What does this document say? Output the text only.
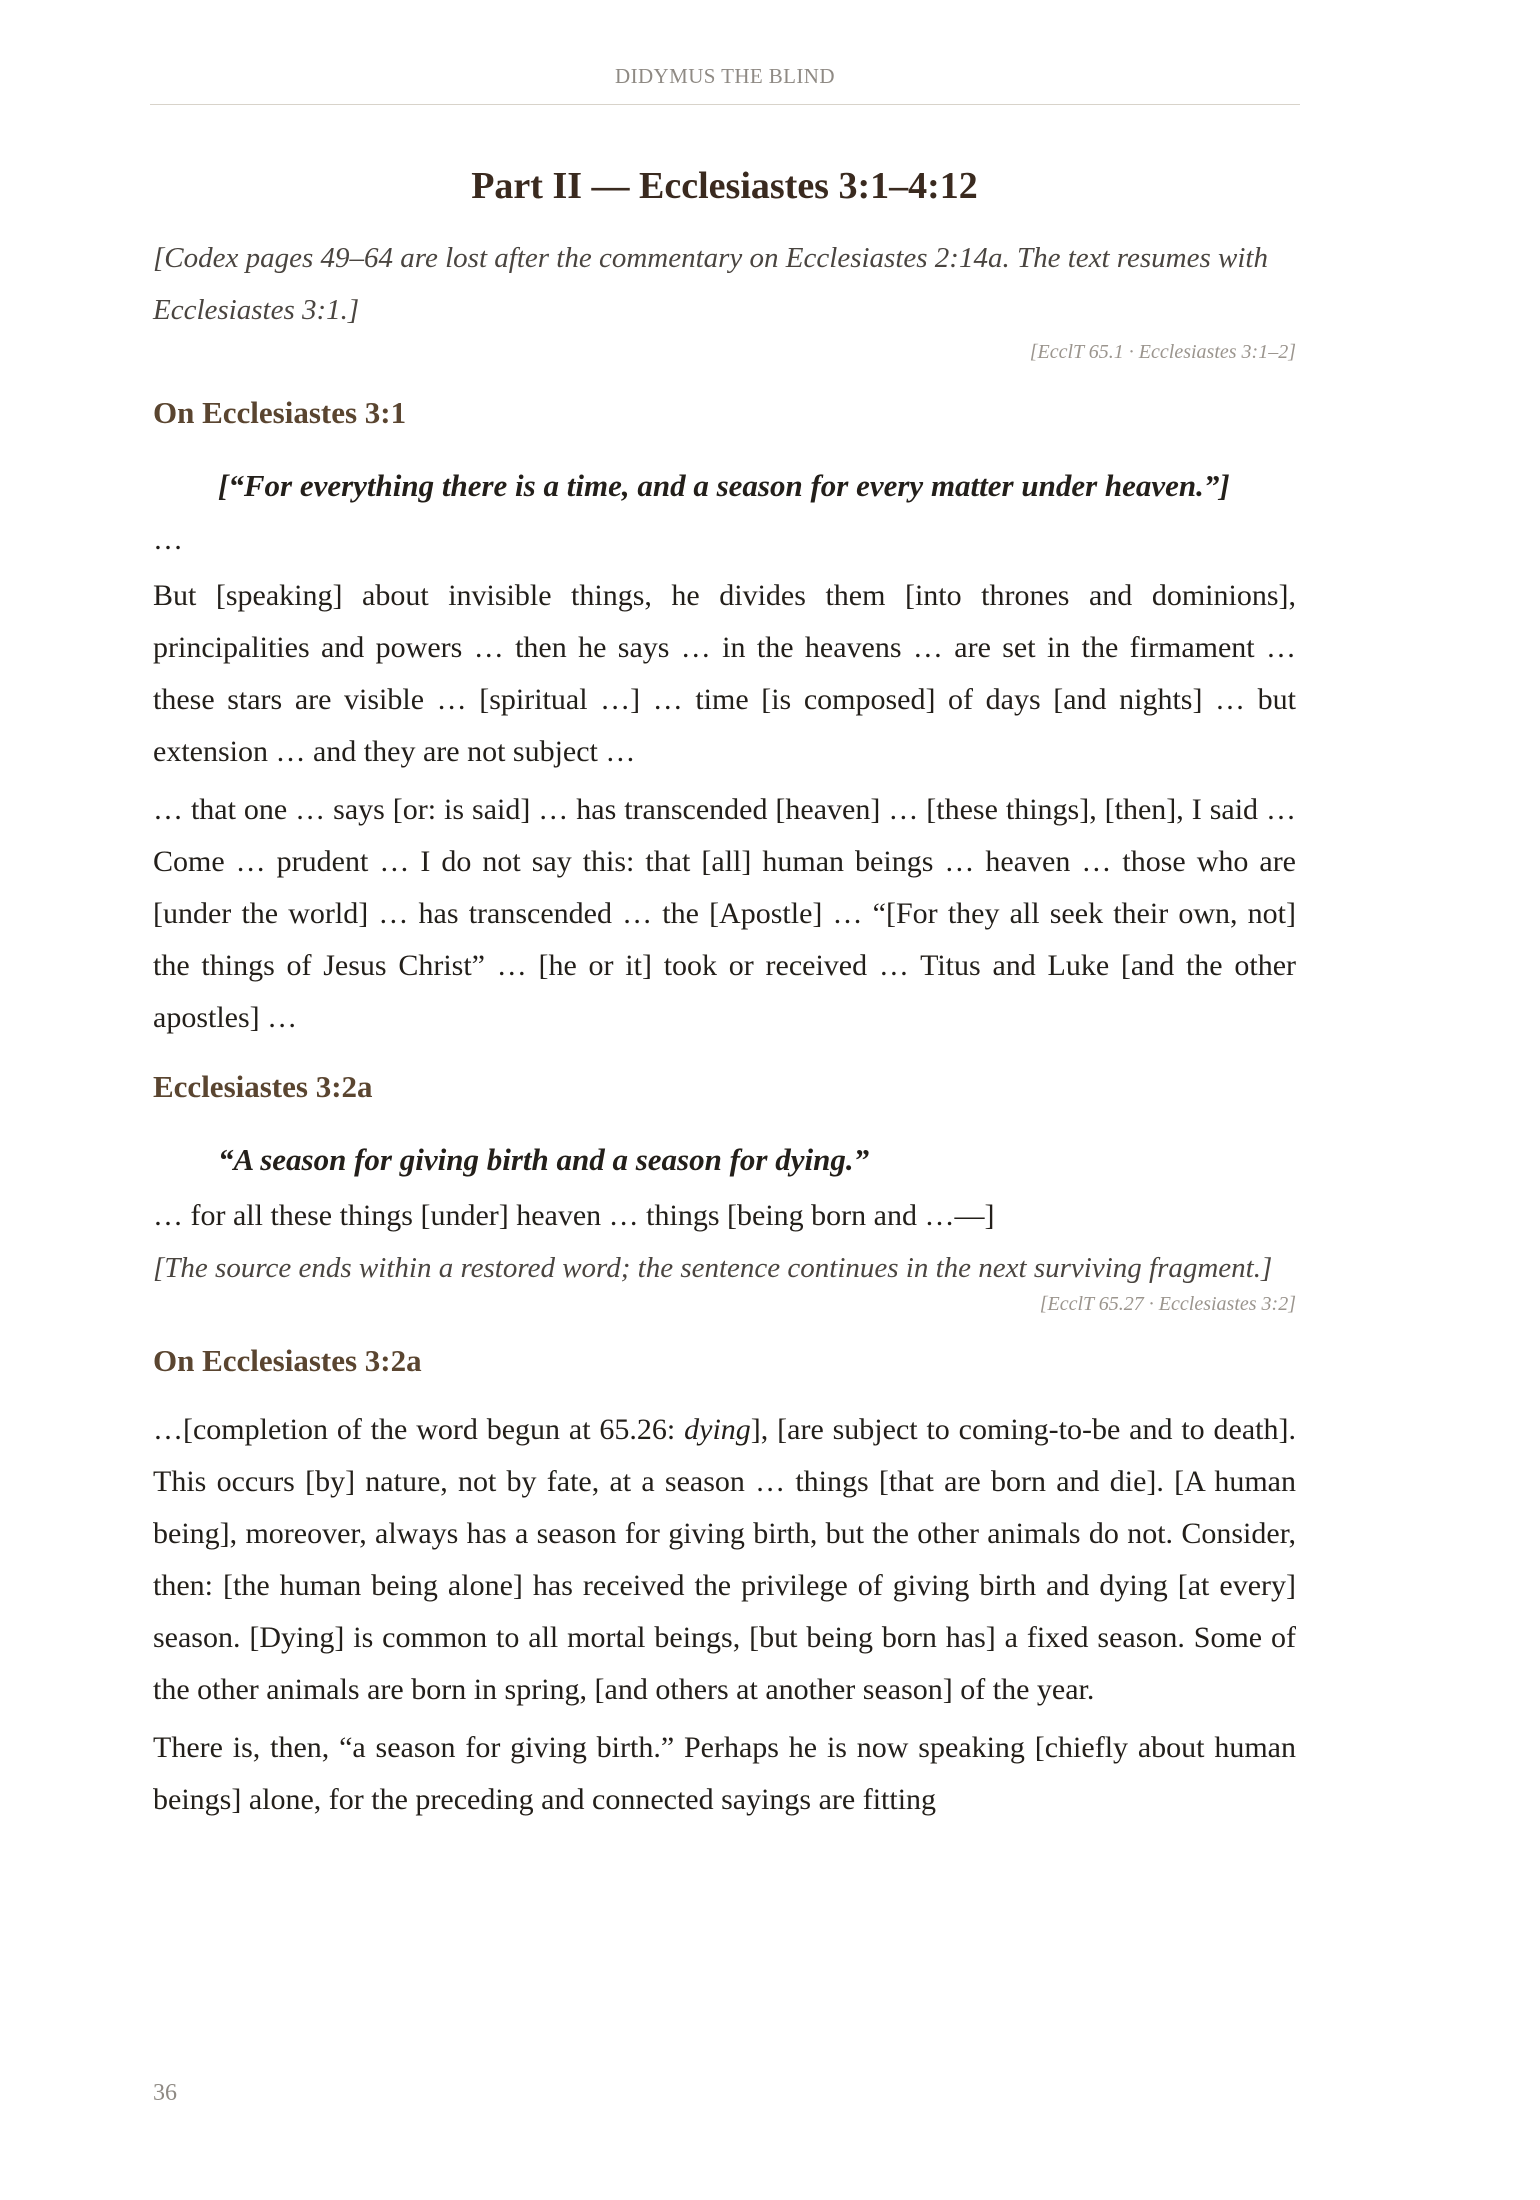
DIDYMUS THE BLIND
Part II — Ecclesiastes 3:1–4:12

[Codex pages 49–64 are lost after the commentary on Ecclesiastes 2:14a. The text resumes with Ecclesiastes 3:1.]

[EcclT 65.1 · Ecclesiastes 3:1–2]

On Ecclesiastes 3:1

[“For everything there is a time, and a season for every matter under heaven.”]

…

But [speaking] about invisible things, he divides them [into thrones and dominions], principalities and powers … then he says … in the heavens … are set in the firmament … these stars are visible … [spiritual …] … time [is composed] of days [and nights] … but extension … and they are not subject …

… that one … says [or: is said] … has transcended [heaven] … [these things], [then], I said … Come … prudent … I do not say this: that [all] human beings … heaven … those who are [under the world] … has transcended … the [Apostle] … “[For they all seek their own, not] the things of Jesus Christ” … [he or it] took or received … Titus and Luke [and the other apostles] …

Ecclesiastes 3:2a

“A season for giving birth and a season for dying.”

… for all these things [under] heaven … things [being born and …—]

[The source ends within a restored word; the sentence continues in the next surviving fragment.]

[EcclT 65.27 · Ecclesiastes 3:2]

On Ecclesiastes 3:2a

…[completion of the word begun at 65.26: dying], [are subject to coming-to-be and to death]. This occurs [by] nature, not by fate, at a season … things [that are born and die]. [A human being], moreover, always has a season for giving birth, but the other animals do not. Consider, then: [the human being alone] has received the privilege of giving birth and dying [at every] season. [Dying] is common to all mortal beings, [but being born has] a fixed season. Some of the other animals are born in spring, [and others at another season] of the year.

There is, then, “a season for giving birth.” Perhaps he is now speaking [chiefly about human beings] alone, for the preceding and connected sayings are fitting

36
